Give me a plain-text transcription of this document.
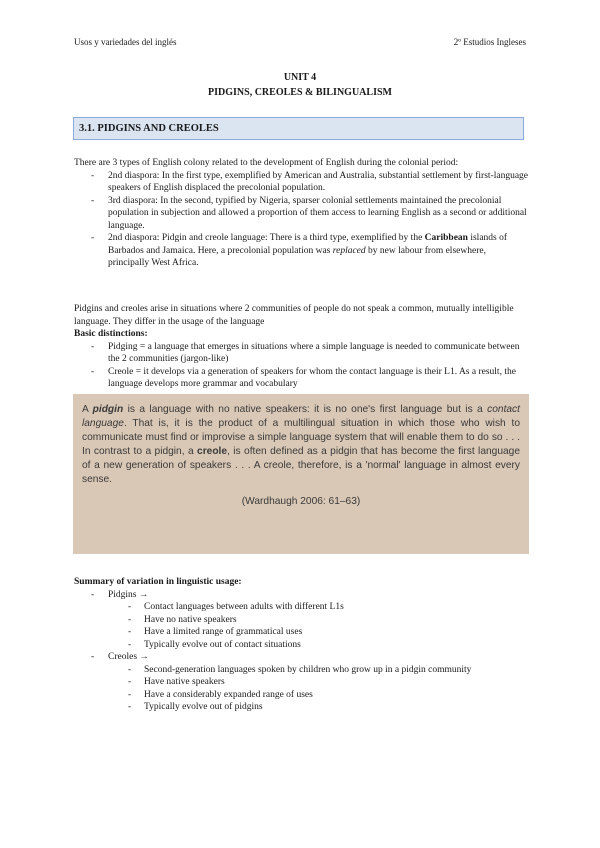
Usos y variedades del inglés	2º Estudios Ingleses
UNIT 4
PIDGINS, CREOLES & BILINGUALISM
3.1. PIDGINS AND CREOLES
There are 3 types of English colony related to the development of English during the colonial period:
- 2nd diaspora: In the first type, exemplified by American and Australia, substantial settlement by first-language speakers of English displaced the precolonial population.
- 3rd diaspora: In the second, typified by Nigeria, sparser colonial settlements maintained the precolonial population in subjection and allowed a proportion of them access to learning English as a second or additional language.
- 2nd diaspora: Pidgin and creole language: There is a third type, exemplified by the Caribbean islands of Barbados and Jamaica. Here, a precolonial population was replaced by new labour from elsewhere, principally West Africa.
Pidgins and creoles arise in situations where 2 communities of people do not speak a common, mutually intelligible language. They differ in the usage of the language
Basic distinctions:
- Pidging = a language that emerges in situations where a simple language is needed to communicate between the 2 communities (jargon-like)
- Creole = it develops via a generation of speakers for whom the contact language is their L1. As a result, the language develops more grammar and vocabulary
A pidgin is a language with no native speakers: it is no one's first language but is a contact language. That is, it is the product of a multilingual situation in which those who wish to communicate must find or improvise a simple language system that will enable them to do so . . . In contrast to a pidgin, a creole, is often defined as a pidgin that has become the first language of a new generation of speakers . . . A creole, therefore, is a 'normal' language in almost every sense.
(Wardhaugh 2006: 61–63)
Summary of variation in linguistic usage:
- Pidgins →
- Contact languages between adults with different L1s
- Have no native speakers
- Have a limited range of grammatical uses
- Typically evolve out of contact situations
- Creoles →
- Second-generation languages spoken by children who grow up in a pidgin community
- Have native speakers
- Have a considerably expanded range of uses
- Typically evolve out of pidgins
